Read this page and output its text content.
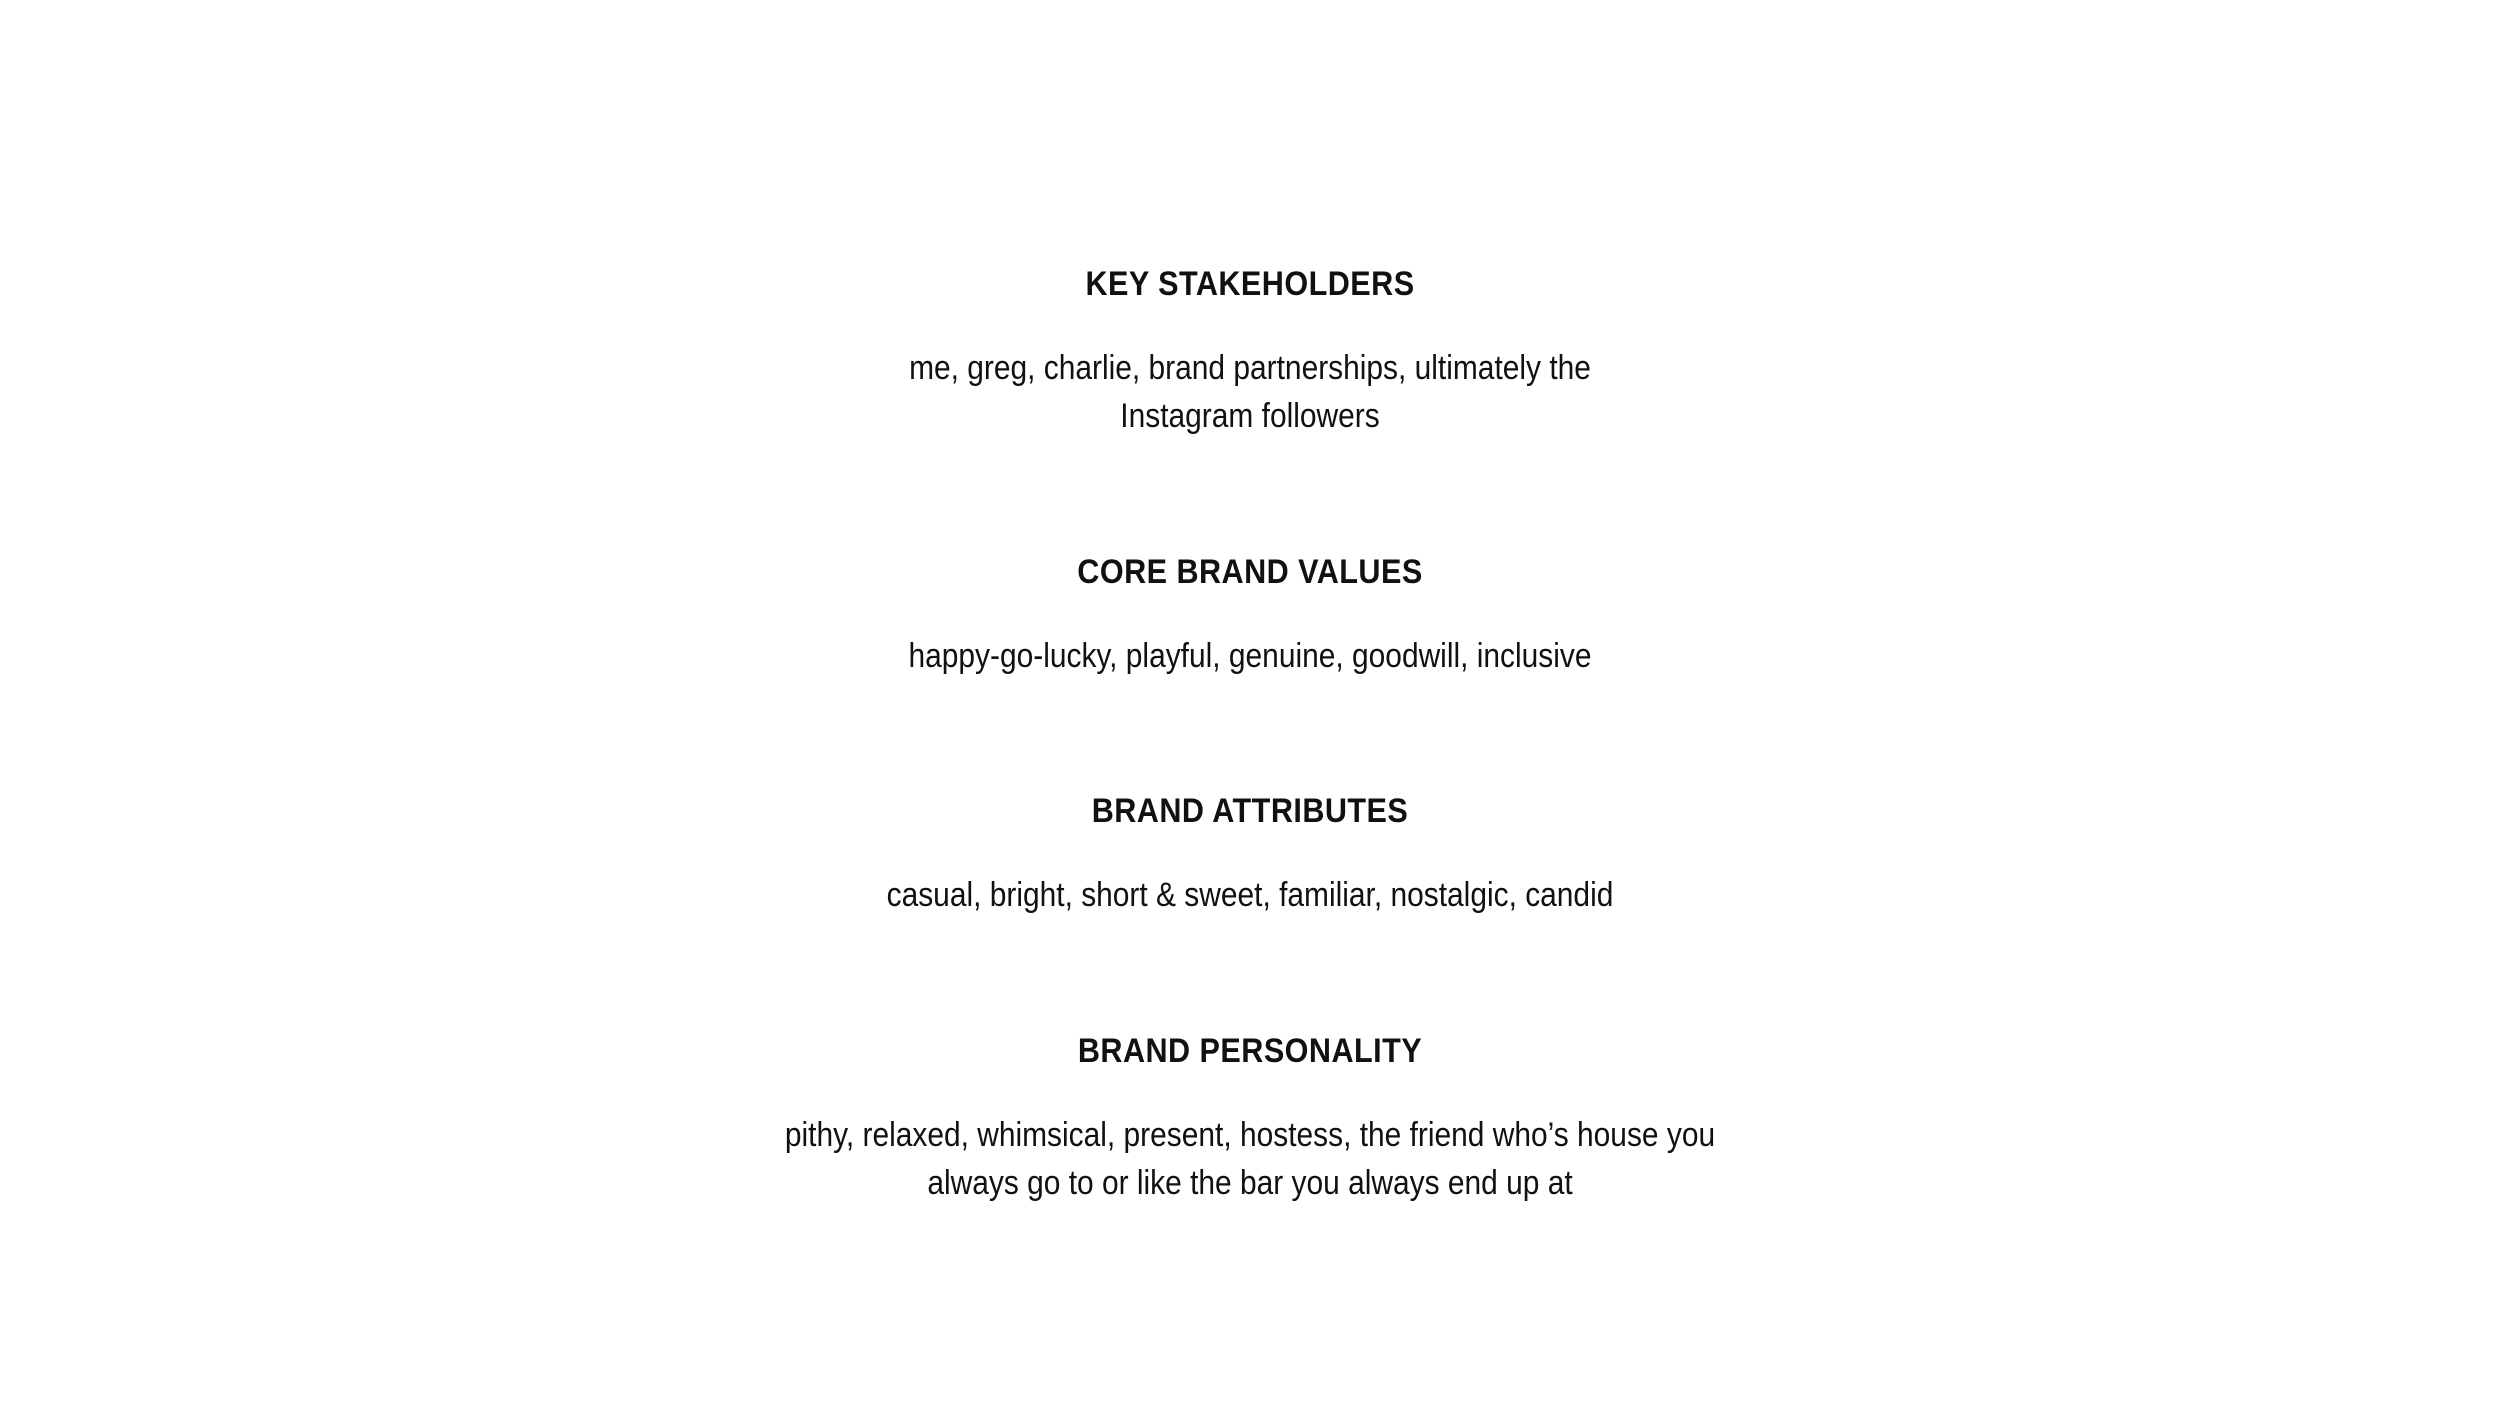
KEY STAKEHOLDERS

me, greg, charlie, brand partnerships, ultimately the
Instagram followers

CORE BRAND VALUES

happy-go-lucky, playful, genuine, goodwill, inclusive

BRAND ATTRIBUTES

casual, bright, short & sweet, familiar, nostalgic, candid

BRAND PERSONALITY

pithy, relaxed, whimsical, present, hostess, the friend who’s house you
always go to or like the bar you always end up at
